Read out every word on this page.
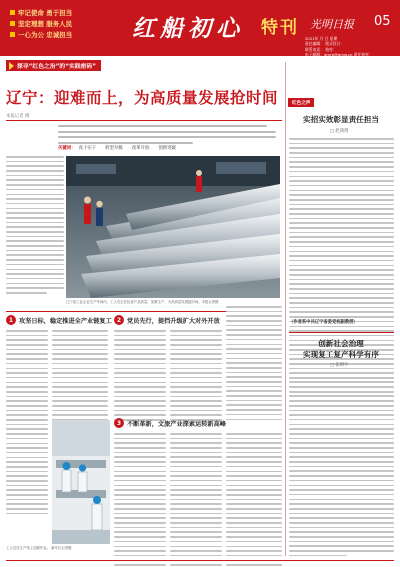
牢记使命 勇于担当
坚定理想 服务人民
一心为公 忠诚担当	红船初心 特刊 光明日报 05
2021年 月 日 星期
责任编辑： 版式设计：
联系电话： 校对：
电子邮箱：gmrb@gmw.cn 责任校对：
探寻“红色之治”的“实践密码”
辽宁：迎难而上，为高质量发展抢时间
本报记者 摄
关键词： 真干实干 转型升级 改革开放 创新突破
辽宁某工业企业生产车间内，工人们正在检查产品质量，加紧生产，为高质量发展抢时间。本报记者摄
1 攻坚日标，稳定推进全产业链复工
工人们在生产线上加紧作业。 新华社记者摄
2 党员先行，提挡升级扩大对外开放
3 不断革新，文旅产业探索运转新高峰
红色之声
实招实效彰显责任担当
□ 赵鸿剑
（作者系中共辽宁省委党校副教授）
创新社会治理
实现复工复产科学有序
□ 张明宇
